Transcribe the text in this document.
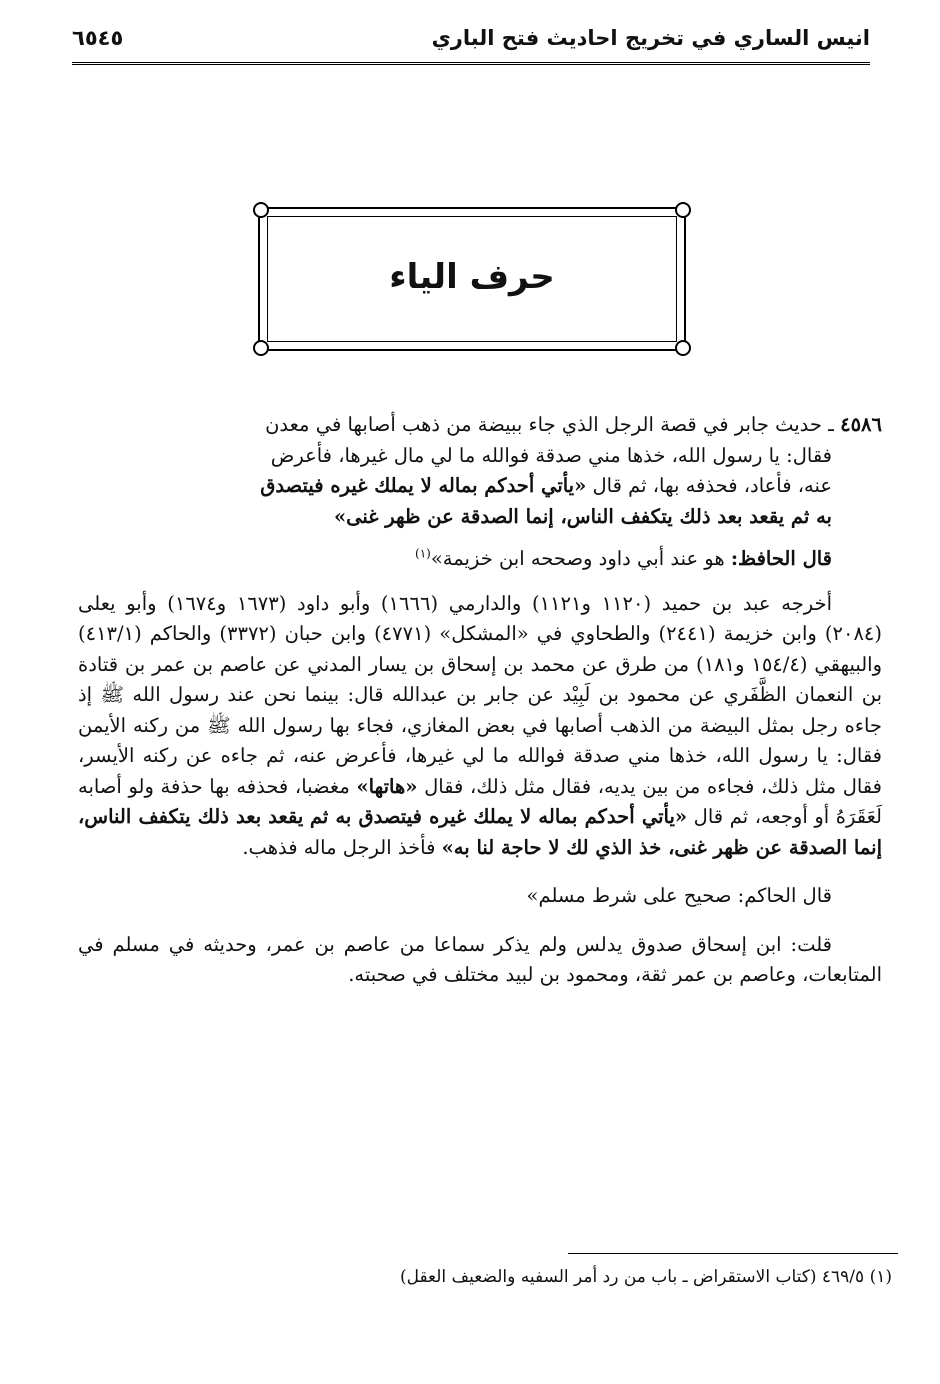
انيس الساري في تخريج احاديث فتح الباري
٦٥٤٥
حرف الياء

٤٥٨٦ ـ حديث جابر في قصة الرجل الذي جاء ببيضة من ذهب أصابها في معدن
فقال: يا رسول الله، خذها مني صدقة فوالله ما لي مال غيرها، فأعرض
عنه، فأعاد، فحذفه بها، ثم قال «يأتي أحدكم بماله لا يملك غيره فيتصدق
به ثم يقعد بعد ذلك يتكفف الناس، إنما الصدقة عن ظهر غنى»

قال الحافظ: هو عند أبي داود وصححه ابن خزيمة»$^{(١)}$

أخرجه عبد بن حميد (١١٢٠ و١١٢١) والدارمي (١٦٦٦) وأبو داود (١٦٧٣ و١٦٧٤) وأبو يعلى (٢٠٨٤) وابن خزيمة (٢٤٤١) والطحاوي في «المشكل» (٤٧٧١) وابن حبان (٣٣٧٢) والحاكم (٤١٣/١) والبيهقي (١٥٤/٤ و١٨١) من طرق عن محمد بن إسحاق بن يسار المدني عن عاصم بن عمر بن قتادة بن النعمان الظَّفَري عن محمود بن لَبِيْد عن جابر بن عبدالله قال: بينما نحن عند رسول الله ﷺ إذ جاءه رجل بمثل البيضة من الذهب أصابها في بعض المغازي، فجاء بها رسول الله ﷺ من ركنه الأيمن فقال: يا رسول الله، خذها مني صدقة فوالله ما لي غيرها، فأعرض عنه، ثم جاءه عن ركنه الأيسر، فقال مثل ذلك، فجاءه من بين يديه، فقال مثل ذلك، فقال «هاتها» مغضبا، فحذفه بها حذفة ولو أصابه لَعَقَرَهُ أو أوجعه، ثم قال «يأتي أحدكم بماله لا يملك غيره فيتصدق به ثم يقعد بعد ذلك يتكفف الناس، إنما الصدقة عن ظهر غنى، خذ الذي لك لا حاجة لنا به» فأخذ الرجل ماله فذهب.

قال الحاكم: صحيح على شرط مسلم»

قلت: ابن إسحاق صدوق يدلس ولم يذكر سماعا من عاصم بن عمر، وحديثه في مسلم في المتابعات، وعاصم بن عمر ثقة، ومحمود بن لبيد مختلف في صحبته.

(١) ٤٦٩/٥ (كتاب الاستقراض ـ باب من رد أمر السفيه والضعيف العقل)
